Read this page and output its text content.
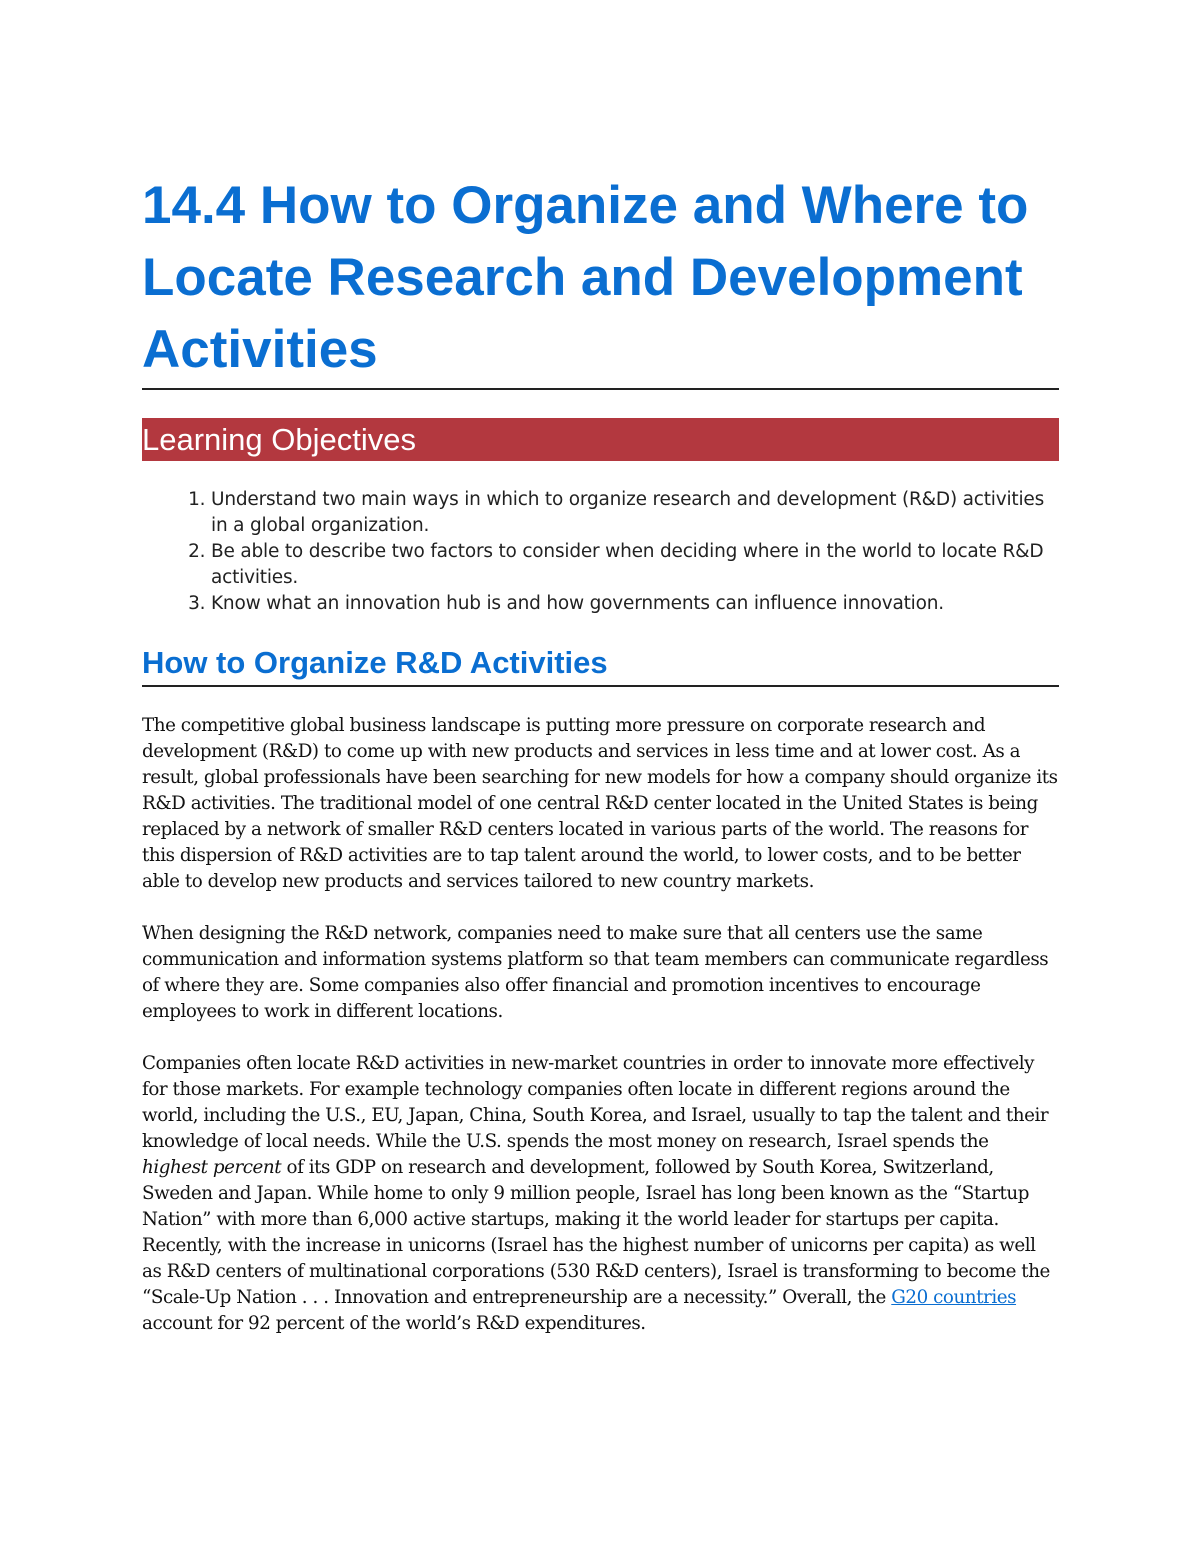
14.4 How to Organize and Where to Locate Research and Development Activities
Learning Objectives
1. Understand two main ways in which to organize research and development (R&D) activities in a global organization.
2. Be able to describe two factors to consider when deciding where in the world to locate R&D activities.
3. Know what an innovation hub is and how governments can influence innovation.
How to Organize R&D Activities

The competitive global business landscape is putting more pressure on corporate research and development (R&D) to come up with new products and services in less time and at lower cost. As a result, global professionals have been searching for new models for how a company should organize its R&D activities. The traditional model of one central R&D center located in the United States is being replaced by a network of smaller R&D centers located in various parts of the world. The reasons for this dispersion of R&D activities are to tap talent around the world, to lower costs, and to be better able to develop new products and services tailored to new country markets.

When designing the R&D network, companies need to make sure that all centers use the same communication and information systems platform so that team members can communicate regardless of where they are. Some companies also offer financial and promotion incentives to encourage employees to work in different locations.

Companies often locate R&D activities in new-market countries in order to innovate more effectively for those markets. For example technology companies often locate in different regions around the world, including the U.S., EU, Japan, China, South Korea, and Israel, usually to tap the talent and their knowledge of local needs. While the U.S. spends the most money on research, Israel spends the highest percent of its GDP on research and development, followed by South Korea, Switzerland, Sweden and Japan. While home to only 9 million people, Israel has long been known as the “Startup Nation” with more than 6,000 active startups, making it the world leader for startups per capita. Recently, with the increase in unicorns (Israel has the highest number of unicorns per capita) as well as R&D centers of multinational corporations (530 R&D centers), Israel is transforming to become the “Scale-Up Nation . . . Innovation and entrepreneurship are a necessity.” Overall, the G20 countries account for 92 percent of the world’s R&D expenditures.
